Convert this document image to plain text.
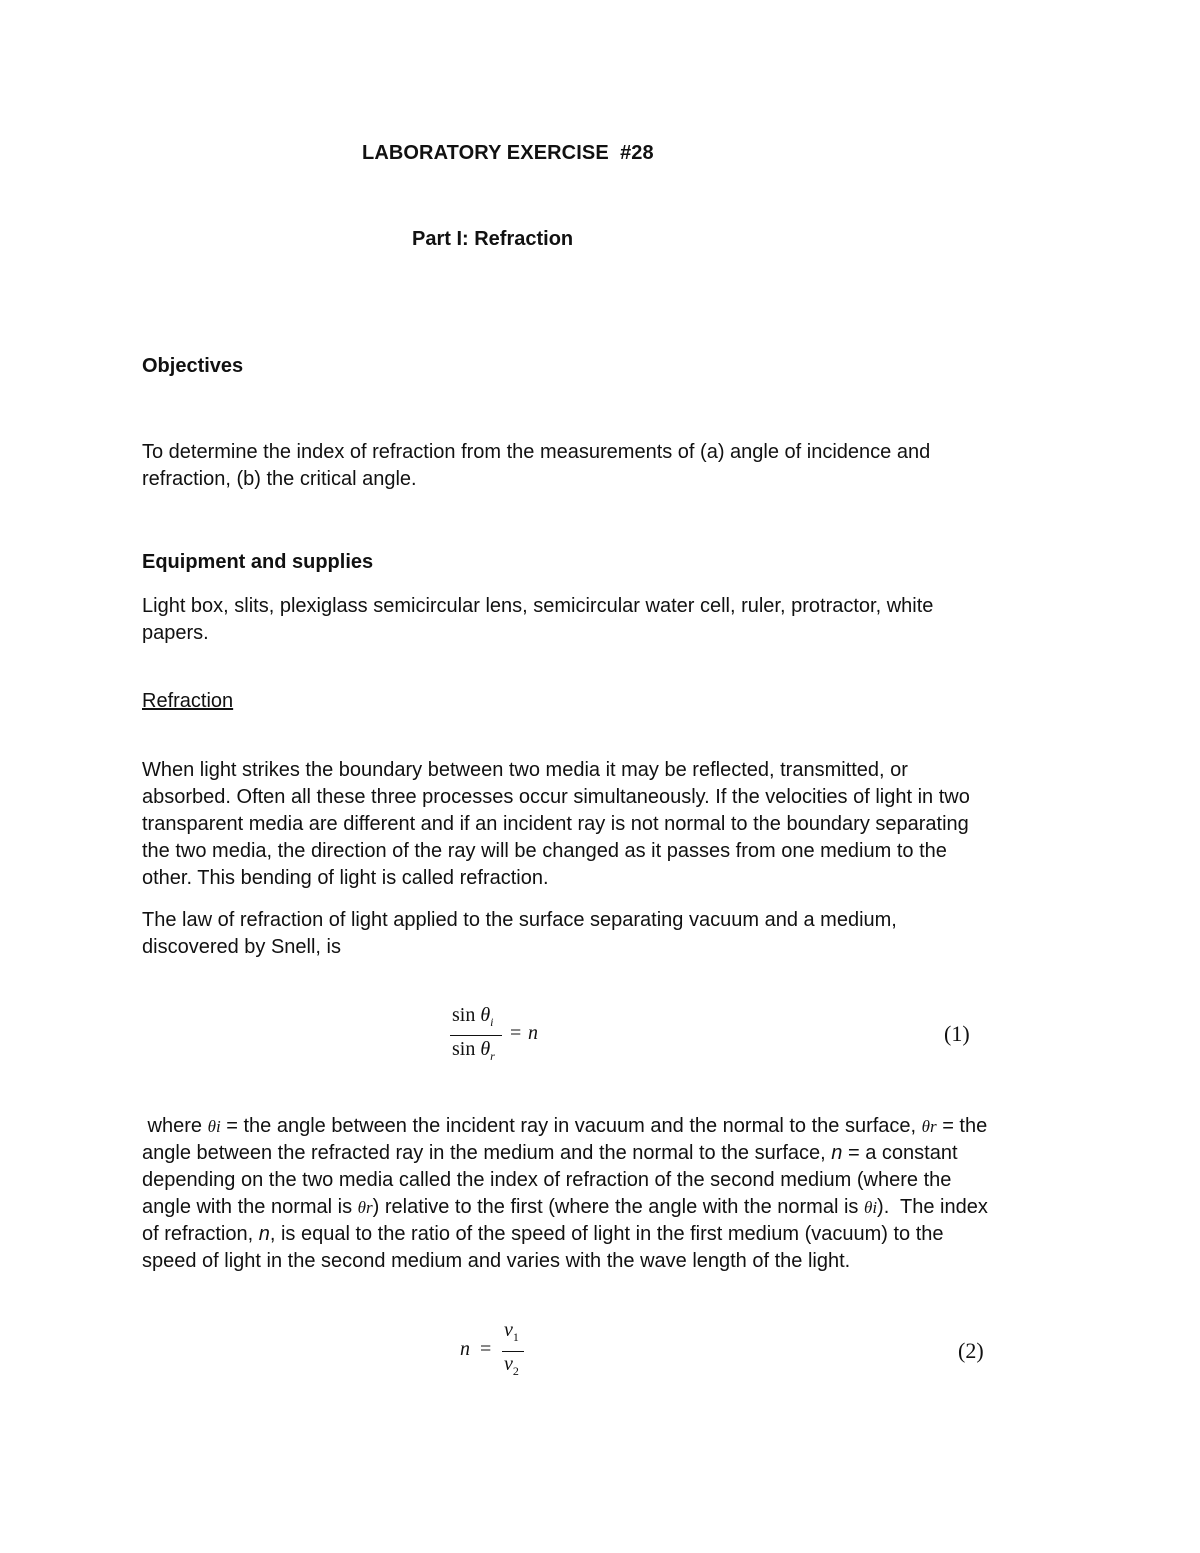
LABORATORY EXERCISE  #28
Part I: Refraction
Objectives
To determine the index of refraction from the measurements of (a) angle of incidence and
refraction, (b) the critical angle.
Equipment and supplies
Light box, slits, plexiglass semicircular lens, semicircular water cell, ruler, protractor, white
papers.
Refraction
When light strikes the boundary between two media it may be reflected, transmitted, or
absorbed. Often all these three processes occur simultaneously. If the velocities of light in two
transparent media are different and if an incident ray is not normal to the boundary separating
the two media, the direction of the ray will be changed as it passes from one medium to the
other. This bending of light is called refraction.
The law of refraction of light applied to the surface separating vacuum and a medium,
discovered by Snell, is
$\sin \theta_i$
$\sin \theta_r$
= n	(1)
where θi = the angle between the incident ray in vacuum and the normal to the surface, θr = the
angle between the refracted ray in the medium and the normal to the surface, n = a constant
depending on the two media called the index of refraction of the second medium (where the
angle with the normal is θr) relative to the first (where the angle with the normal is θi).  The index
of refraction, n, is equal to the ratio of the speed of light in the first medium (vacuum) to the
speed of light in the second medium and varies with the wave length of the light.
n =
$v_1$
$v_2$
(2)
